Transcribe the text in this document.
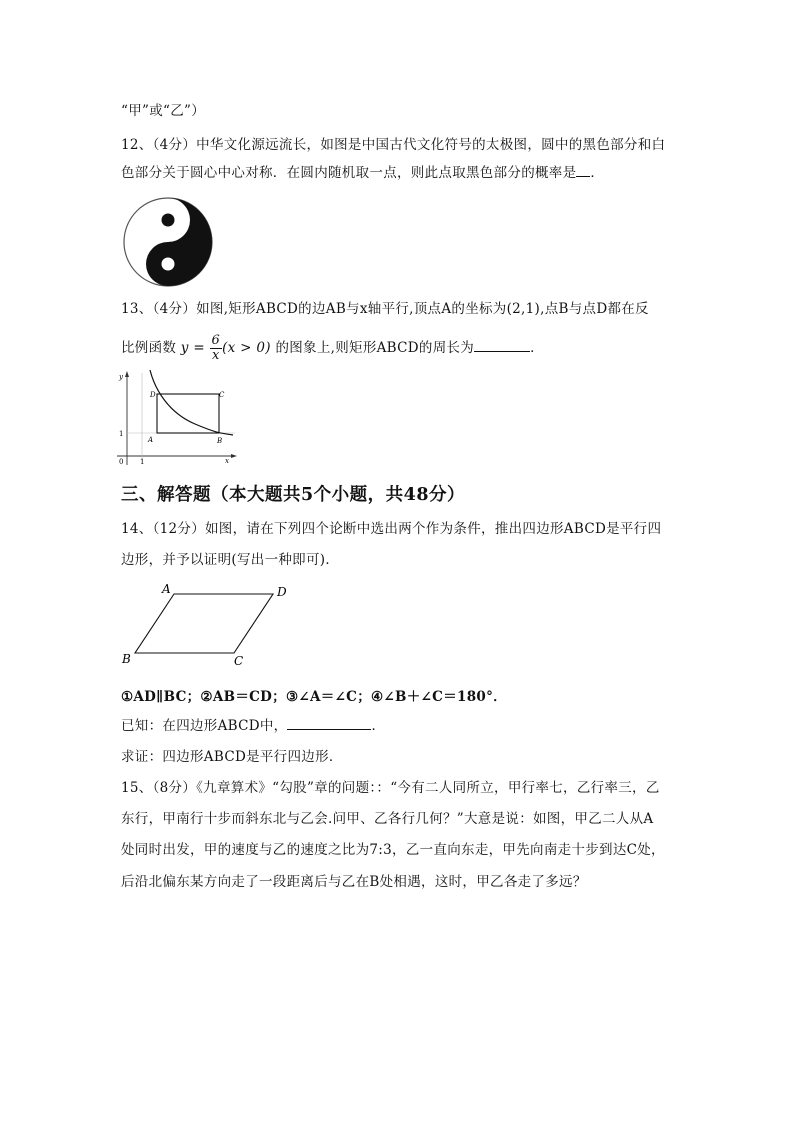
“甲”或“乙”）
12、（4分）中华文化源远流长，如图是中国古代文化符号的太极图，圆中的黑色部分和白
色部分关于圆心中心对称．在圆内随机取一点，则此点取黑色部分的概率是 ．
13、（4分）如图,矩形ABCD的边AB与x轴平行,顶点A的坐标为(2,1),点B与点D都在反
比例函数 $y = \frac{6}{x} (x > 0)$ 的图象上,则矩形ABCD的周长为	．
y
x
0 1
1
A	B
C
D
三、解答题（本大题共5个小题，共48分）
14、（12分）如图，请在下列四个论断中选出两个作为条件，推出四边形ABCD是平行四
边形，并予以证明(写出一种即可)．
A	D
B	C
①AD∥BC；②AB＝CD；③∠A＝∠C；④∠B＋∠C＝180°．
已知：在四边形ABCD中，	．
求证：四边形ABCD是平行四边形．
15、（8分）《九章算术》“勾股”章的问题：：“今有二人同所立，甲行率七，乙行率三，乙
东行，甲南行十步而斜东北与乙会.问甲、乙各行几何？”大意是说：如图，甲乙二人从A
处同时出发，甲的速度与乙的速度之比为7:3，乙一直向东走，甲先向南走十步到达C处，
后沿北偏东某方向走了一段距离后与乙在B处相遇，这时，甲乙各走了多远？
